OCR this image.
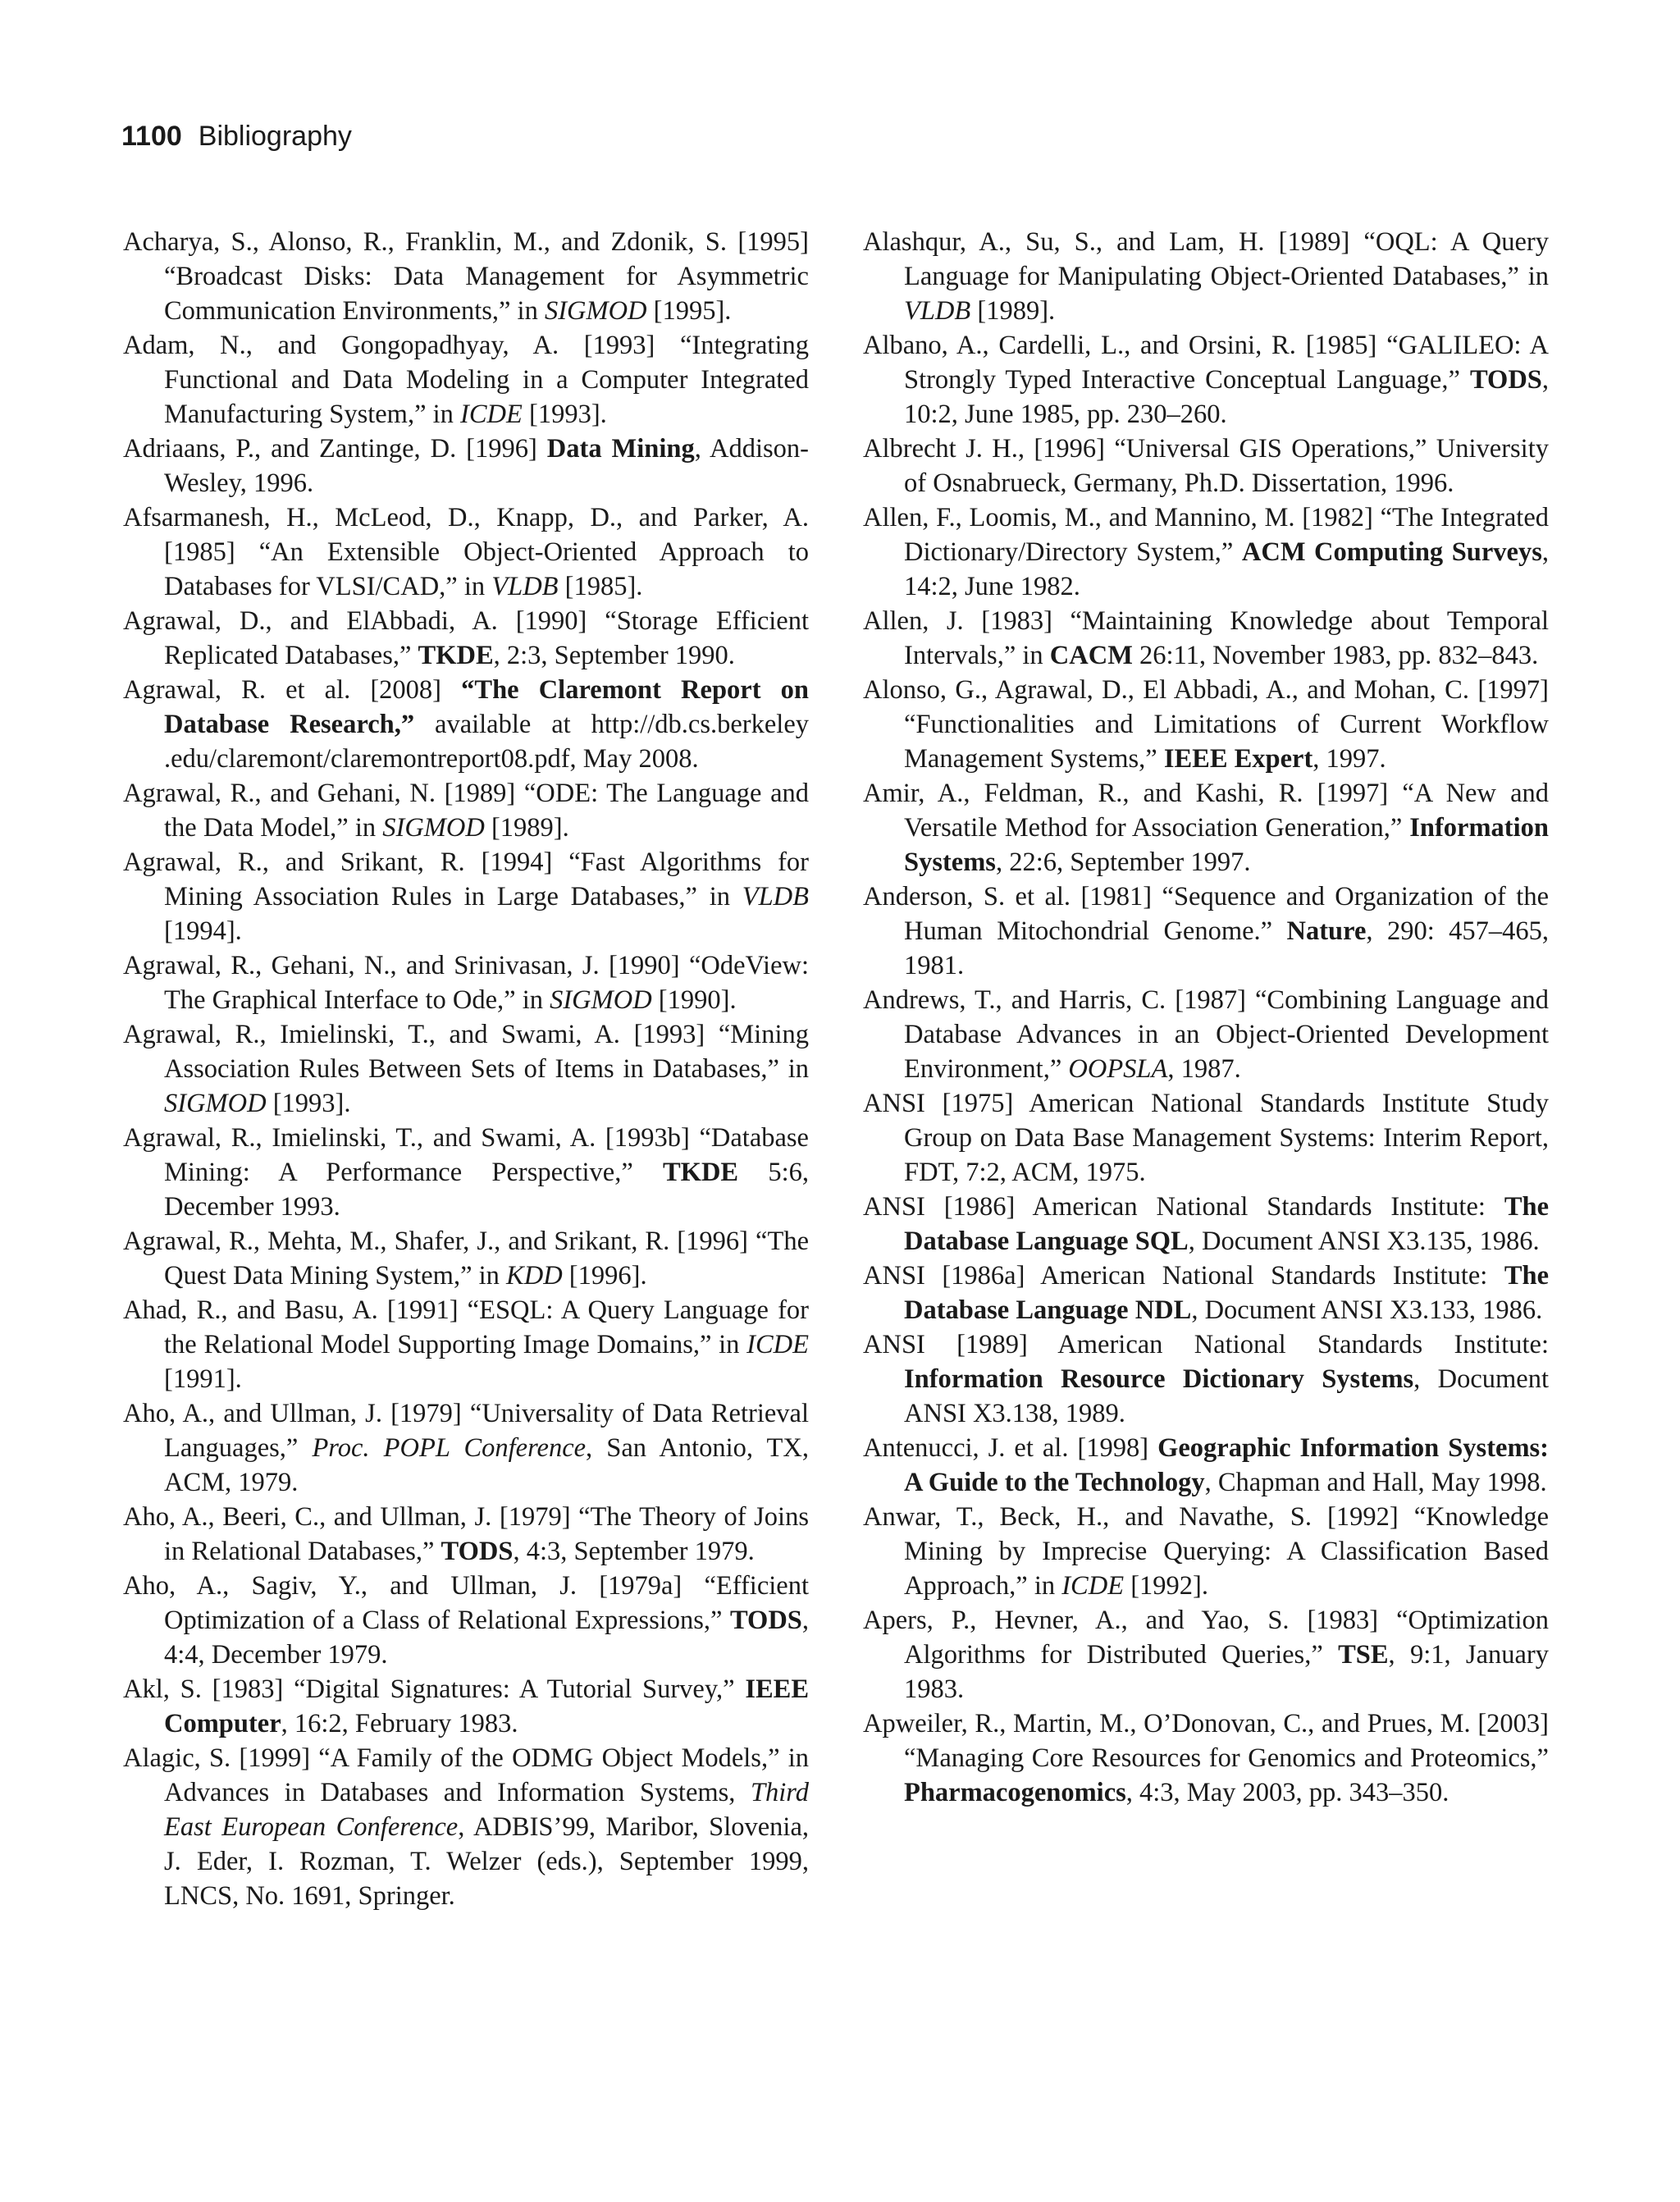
1100 Bibliography

Acharya, S., Alonso, R., Franklin, M., and Zdonik, S. [1995] “Broadcast Disks: Data Management for Asymmetric Communication Environments,” in SIGMOD [1995].

Adam, N., and Gongopadhyay, A. [1993] “Integrating Functional and Data Modeling in a Computer Integrated Manufacturing System,” in ICDE [1993].

Adriaans, P., and Zantinge, D. [1996] Data Mining, Addison-Wesley, 1996.

Afsarmanesh, H., McLeod, D., Knapp, D., and Parker, A. [1985] “An Extensible Object-Oriented Approach to Databases for VLSI/CAD,” in VLDB [1985].

Agrawal, D., and ElAbbadi, A. [1990] “Storage Efficient Replicated Databases,” TKDE, 2:3, September 1990.

Agrawal, R. et al. [2008] “The Claremont Report on Database Research,” available at http://db.cs.berkeley .edu/claremont/claremontreport08.pdf, May 2008.

Agrawal, R., and Gehani, N. [1989] “ODE: The Language and the Data Model,” in SIGMOD [1989].

Agrawal, R., and Srikant, R. [1994] “Fast Algorithms for Mining Association Rules in Large Databases,” in VLDB [1994].

Agrawal, R., Gehani, N., and Srinivasan, J. [1990] “OdeView: The Graphical Interface to Ode,” in SIGMOD [1990].

Agrawal, R., Imielinski, T., and Swami, A. [1993] “Mining Association Rules Between Sets of Items in Databases,” in SIGMOD [1993].

Agrawal, R., Imielinski, T., and Swami, A. [1993b] “Database Mining: A Performance Perspective,” TKDE 5:6, December 1993.

Agrawal, R., Mehta, M., Shafer, J., and Srikant, R. [1996] “The Quest Data Mining System,” in KDD [1996].

Ahad, R., and Basu, A. [1991] “ESQL: A Query Language for the Relational Model Supporting Image Domains,” in ICDE [1991].

Aho, A., and Ullman, J. [1979] “Universality of Data Retrieval Languages,” Proc. POPL Conference, San Antonio, TX, ACM, 1979.

Aho, A., Beeri, C., and Ullman, J. [1979] “The Theory of Joins in Relational Databases,” TODS, 4:3, September 1979.

Aho, A., Sagiv, Y., and Ullman, J. [1979a] “Efficient Optimization of a Class of Relational Expressions,” TODS, 4:4, December 1979.

Akl, S. [1983] “Digital Signatures: A Tutorial Survey,” IEEE Computer, 16:2, February 1983.

Alagic, S. [1999] “A Family of the ODMG Object Models,” in Advances in Databases and Information Systems, Third East European Conference, ADBIS’99, Maribor, Slovenia, J. Eder, I. Rozman, T. Welzer (eds.), September 1999, LNCS, No. 1691, Springer.

Alashqur, A., Su, S., and Lam, H. [1989] “OQL: A Query Language for Manipulating Object-Oriented Databases,” in VLDB [1989].

Albano, A., Cardelli, L., and Orsini, R. [1985] “GALILEO: A Strongly Typed Interactive Conceptual Language,” TODS, 10:2, June 1985, pp. 230–260.

Albrecht J. H., [1996] “Universal GIS Operations,” University of Osnabrueck, Germany, Ph.D. Dissertation, 1996.

Allen, F., Loomis, M., and Mannino, M. [1982] “The Integrated Dictionary/Directory System,” ACM Computing Surveys, 14:2, June 1982.

Allen, J. [1983] “Maintaining Knowledge about Temporal Intervals,” in CACM 26:11, November 1983, pp. 832–843.

Alonso, G., Agrawal, D., El Abbadi, A., and Mohan, C. [1997] “Functionalities and Limitations of Current Workflow Management Systems,” IEEE Expert, 1997.

Amir, A., Feldman, R., and Kashi, R. [1997] “A New and Versatile Method for Association Generation,” Information Systems, 22:6, September 1997.

Anderson, S. et al. [1981] “Sequence and Organization of the Human Mitochondrial Genome.” Nature, 290: 457–465, 1981.

Andrews, T., and Harris, C. [1987] “Combining Language and Database Advances in an Object-Oriented Development Environment,” OOPSLA, 1987.

ANSI [1975] American National Standards Institute Study Group on Data Base Management Systems: Interim Report, FDT, 7:2, ACM, 1975.

ANSI [1986] American National Standards Institute: The Database Language SQL, Document ANSI X3.135, 1986.

ANSI [1986a] American National Standards Institute: The Database Language NDL, Document ANSI X3.133, 1986.

ANSI [1989] American National Standards Institute: Information Resource Dictionary Systems, Document ANSI X3.138, 1989.

Antenucci, J. et al. [1998] Geographic Information Systems: A Guide to the Technology, Chapman and Hall, May 1998.

Anwar, T., Beck, H., and Navathe, S. [1992] “Knowledge Mining by Imprecise Querying: A Classification Based Approach,” in ICDE [1992].

Apers, P., Hevner, A., and Yao, S. [1983] “Optimization Algorithms for Distributed Queries,” TSE, 9:1, January 1983.

Apweiler, R., Martin, M., O’Donovan, C., and Prues, M. [2003] “Managing Core Resources for Genomics and Proteomics,” Pharmacogenomics, 4:3, May 2003, pp. 343–350.
